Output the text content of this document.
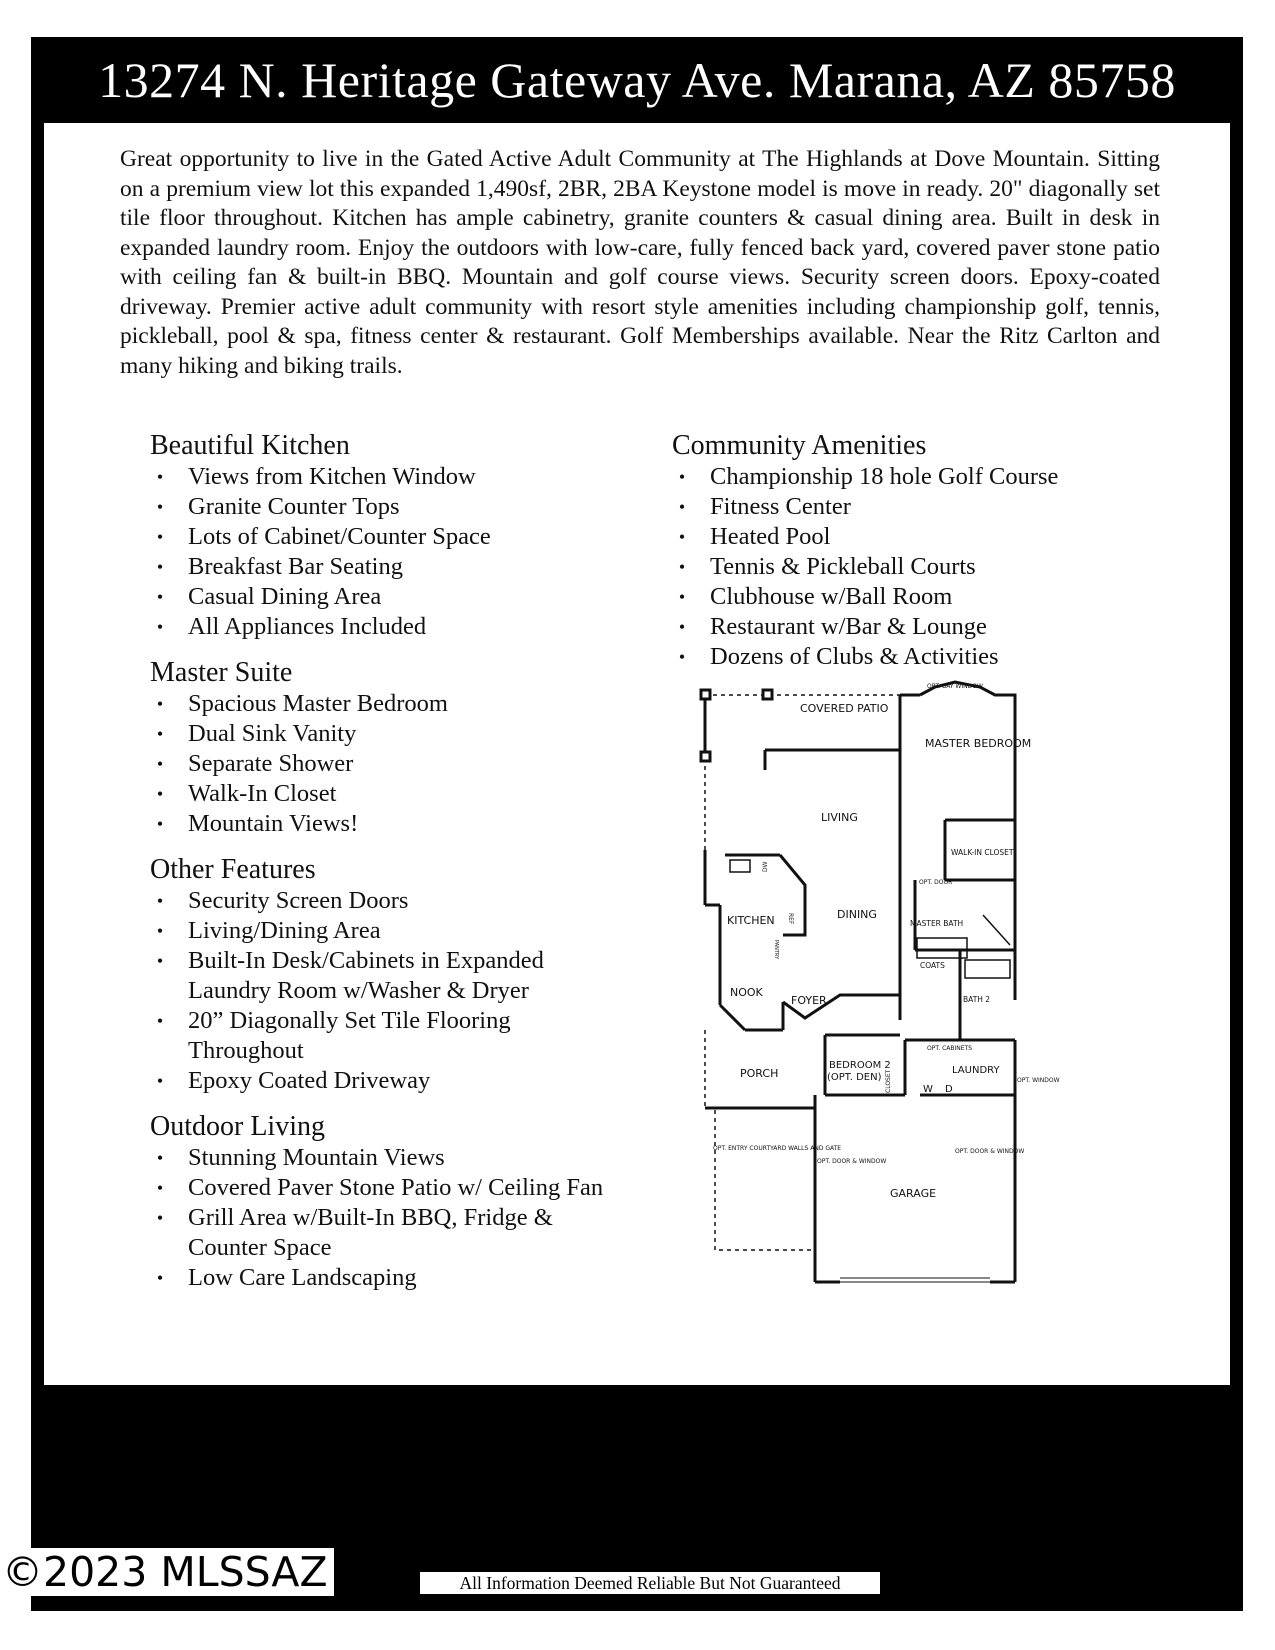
13274 N. Heritage Gateway Ave. Marana, AZ 85758
Great opportunity to live in the Gated Active Adult Community at The Highlands at Dove Mountain. Sitting on a premium view lot this expanded 1,490sf, 2BR, 2BA Keystone model is move in ready. 20" diagonally set tile floor throughout. Kitchen has ample cabinetry, granite counters & casual dining area. Built in desk in expanded laundry room. Enjoy the outdoors with low-care, fully fenced back yard, covered paver stone patio with ceiling fan & built-in BBQ. Mountain and golf course views. Security screen doors. Epoxy-coated driveway. Premier active adult community with resort style amenities including championship golf, tennis, pickleball, pool & spa, fitness center & restaurant. Golf Memberships available. Near the Ritz Carlton and many hiking and biking trails.
Beautiful Kitchen
• Views from Kitchen Window
• Granite Counter Tops
• Lots of Cabinet/Counter Space
• Breakfast Bar Seating
• Casual Dining Area
• All Appliances Included
Master Suite
• Spacious Master Bedroom
• Dual Sink Vanity
• Separate Shower
• Walk-In Closet
• Mountain Views!
Other Features
• Security Screen Doors
• Living/Dining Area
• Built-In Desk/Cabinets in Expanded Laundry Room w/Washer & Dryer
• 20” Diagonally Set Tile Flooring Throughout
• Epoxy Coated Driveway
Outdoor Living
• Stunning Mountain Views
• Covered Paver Stone Patio w/ Ceiling Fan
• Grill Area w/Built-In BBQ, Fridge & Counter Space
• Low Care Landscaping
Community Amenities
• Championship 18 hole Golf Course
• Fitness Center
• Heated Pool
• Tennis & Pickleball Courts
• Clubhouse w/Ball Room
• Restaurant w/Bar & Lounge
• Dozens of Clubs & Activities
COVERED PATIO
MASTER BEDROOM
LIVING
WALK-IN CLOSET
DINING
KITCHEN	MASTER BATH
COATS
BATH 2
NOOK
FOYER
BEDROOM 2
(OPT. DEN)
LAUNDRY
PORCH
GARAGE
OPT. CABINETS
OPT. WINDOW
OPT. BAY WINDOW
OPT. DOOR
OPT. DOOR & WINDOW
OPT. DOOR & WINDOW
OPT. ENTRY COURTYARD WALLS AND GATE
W D
CLOSET
REF
DW
PANTRY
©2023 MLSSAZ	All Information Deemed Reliable But Not Guaranteed
